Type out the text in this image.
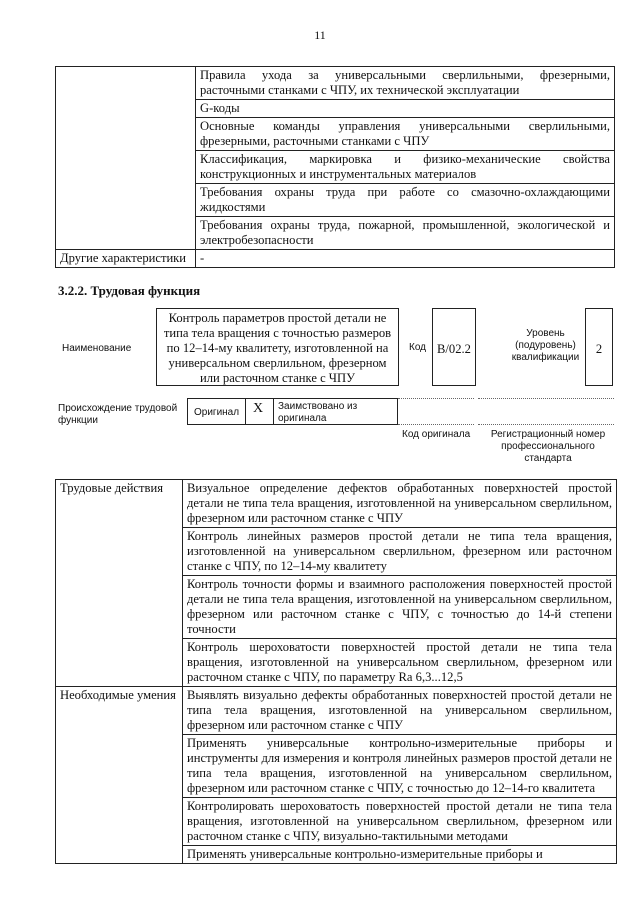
11
	Правила ухода за универсальными сверлильными, фрезерными, расточными станками с ЧПУ, их технической эксплуатации
	G-коды
	Основные команды управления универсальными сверлильными, фрезерными, расточными станками с ЧПУ
	Классификация, маркировка и физико-механические свойства конструкционных и инструментальных материалов
	Требования охраны труда при работе со смазочно-охлаждающими жидкостями
	Требования охраны труда, пожарной, промышленной, экологической и электробезопасности
Другие характеристики	-
3.2.2. Трудовая функция
Наименование
Контроль параметров простой детали не типа тела вращения с точностью размеров по 12–14-му квалитету, изготовленной на универсальном сверлильном, фрезерном или расточном станке с ЧПУ
Код В/02.2
Уровень (подуровень) квалификации
2
Происхождение трудовой функции
Оригинал X Заимствовано из оригинала
Код оригинала	Регистрационный номер профессионального стандарта
Трудовые действия	Визуальное определение дефектов обработанных поверхностей простой детали не типа тела вращения, изготовленной на универсальном сверлильном, фрезерном или расточном станке с ЧПУ
	Контроль линейных размеров простой детали не типа тела вращения, изготовленной на универсальном сверлильном, фрезерном или расточном станке с ЧПУ, по 12–14-му квалитету
	Контроль точности формы и взаимного расположения поверхностей простой детали не типа тела вращения, изготовленной на универсальном сверлильном, фрезерном или расточном станке с ЧПУ, с точностью до 14-й степени точности
	Контроль шероховатости поверхностей простой детали не типа тела вращения, изготовленной на универсальном сверлильном, фрезерном или расточном станке с ЧПУ, по параметру Ra 6,3...12,5
Необходимые умения	Выявлять визуально дефекты обработанных поверхностей простой детали не типа тела вращения, изготовленной на универсальном сверлильном, фрезерном или расточном станке с ЧПУ
	Применять универсальные контрольно-измерительные приборы и инструменты для измерения и контроля линейных размеров простой детали не типа тела вращения, изготовленной на универсальном сверлильном, фрезерном или расточном станке с ЧПУ, с точностью до 12–14-го квалитета
	Контролировать шероховатость поверхностей простой детали не типа тела вращения, изготовленной на универсальном сверлильном, фрезерном или расточном станке с ЧПУ, визуально-тактильными методами
	Применять универсальные контрольно-измерительные приборы и
